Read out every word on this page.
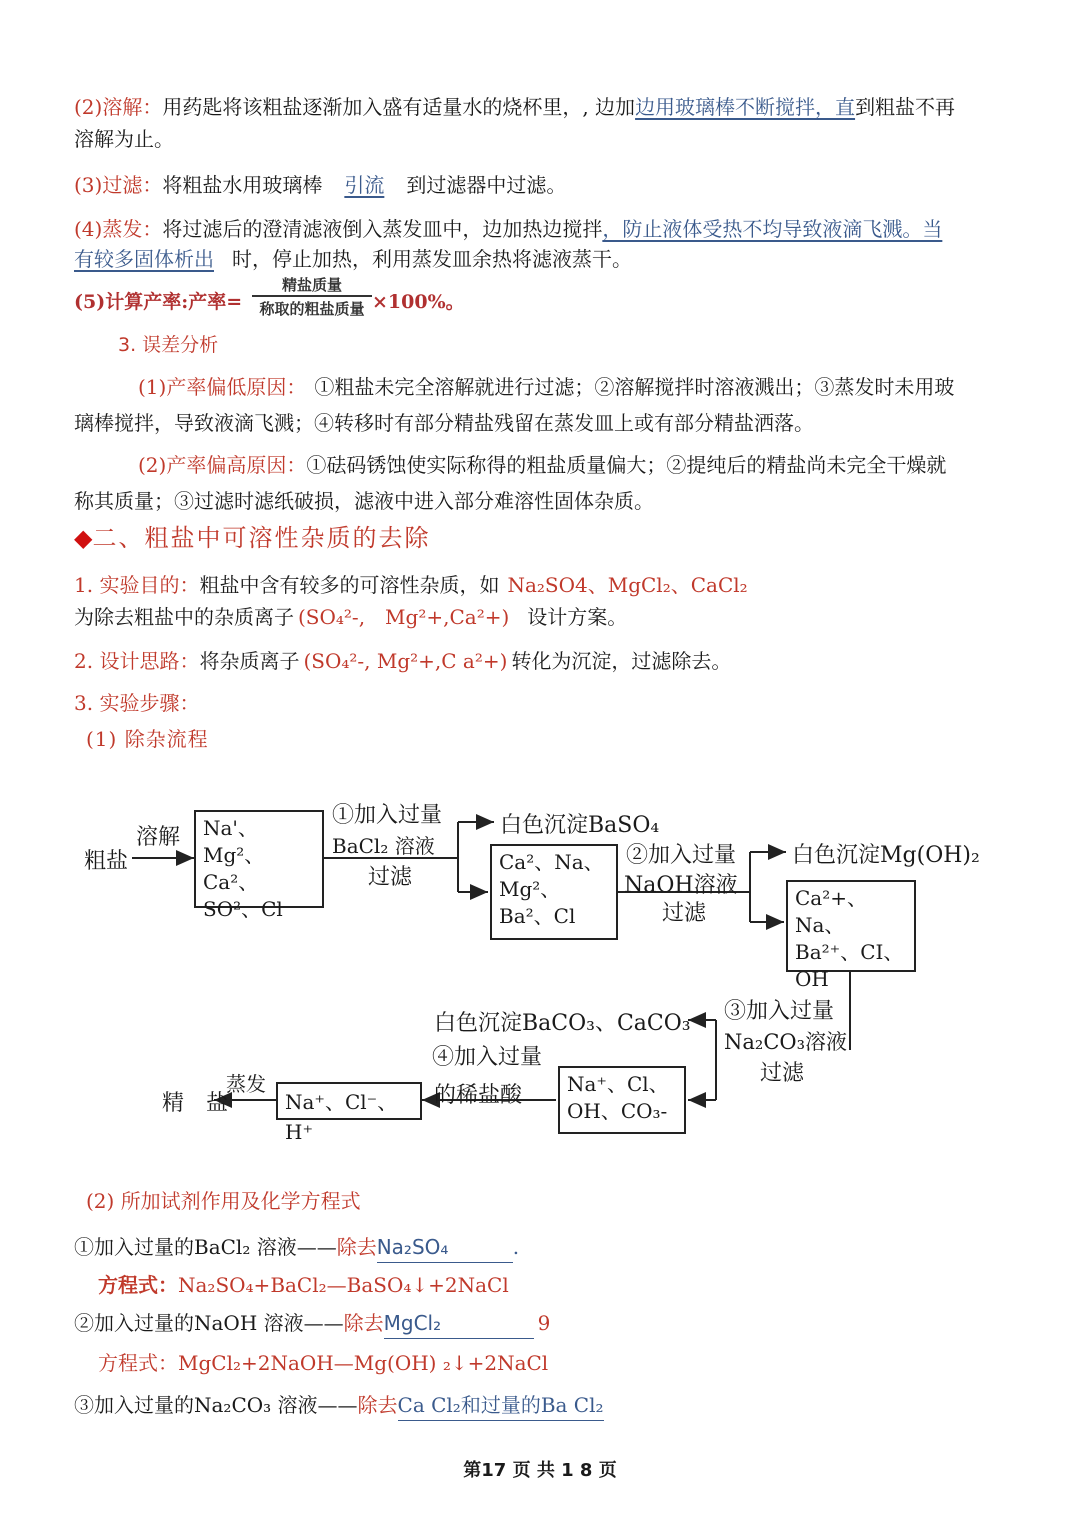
(2)溶解：用药匙将该粗盐逐渐加入盛有适量水的烧杯里，, 边加边用玻璃棒不断搅拌，直到粗盐不再
溶解为止。
(3)过滤：将粗盐水用玻璃棒 引流 到过滤器中过滤。
(4)蒸发：将过滤后的澄清滤液倒入蒸发皿中，边加热边搅拌，防止液体受热不均导致液滴飞溅。当
有较多固体析出 时，停止加热，利用蒸发皿余热将滤液蒸干。
(5)计算产率:产率=
精盐质量
称取的粗盐质量 ×100%。
3. 误差分析
(1)产率偏低原因： ①粗盐未完全溶解就进行过滤；②溶解搅拌时溶液溅出；③蒸发时未用玻
璃棒搅拌，导致液滴飞溅；④转移时有部分精盐残留在蒸发皿上或有部分精盐洒落。
(2)产率偏高原因：①砝码锈蚀使实际称得的粗盐质量偏大；②提纯后的精盐尚未完全干燥就
称其质量；③过滤时滤纸破损，滤液中进入部分难溶性固体杂质。
◆二、粗盐中可溶性杂质的去除
1. 实验目的：粗盐中含有较多的可溶性杂质，如 Na₂SO4、MgCl₂、CaCl₂
为除去粗盐中的杂质离子 (SO₄²-,　Mg²+,Ca²+) 设计方案。
2. 设计思路：将杂质离子 (SO₄²-, Mg²+,C a²+) 转化为沉淀，过滤除去。
3. 实验步骤：
(1) 除杂流程
粗盐
溶解	Na'、Mg²、Ca²、SO²、Cl
①加入过量
BaCl₂ 溶液
过滤
白色沉淀BaSO₄
Ca²、Na、Mg²、Ba²、Cl
②加入过量
NaOH溶液
过滤
白色沉淀Mg(OH)₂
Ca²+、Na、Ba²⁺、CI、OH
③加入过量
Na₂CO₃溶液
过滤
白色沉淀BaCO₃、CaCO₃
Na⁺、Cl、OH、CO₃-
④加入过量
的稀盐酸
Na⁺、Cl⁻、H⁺
蒸发
精　盐
(2) 所加试剂作用及化学方程式
①加入过量的BaCl₂ 溶液——除去Na₂SO₄	.
方程式：Na₂SO₄+BaCl₂—BaSO₄↓+2NaCl
②加入过量的NaOH 溶液——除去MgCl₂	9
方程式：MgCl₂+2NaOH—Mg(OH) ₂↓+2NaCl
③加入过量的Na₂CO₃ 溶液——除去Ca Cl₂和过量的Ba Cl₂
第17 页 共 1 8 页
